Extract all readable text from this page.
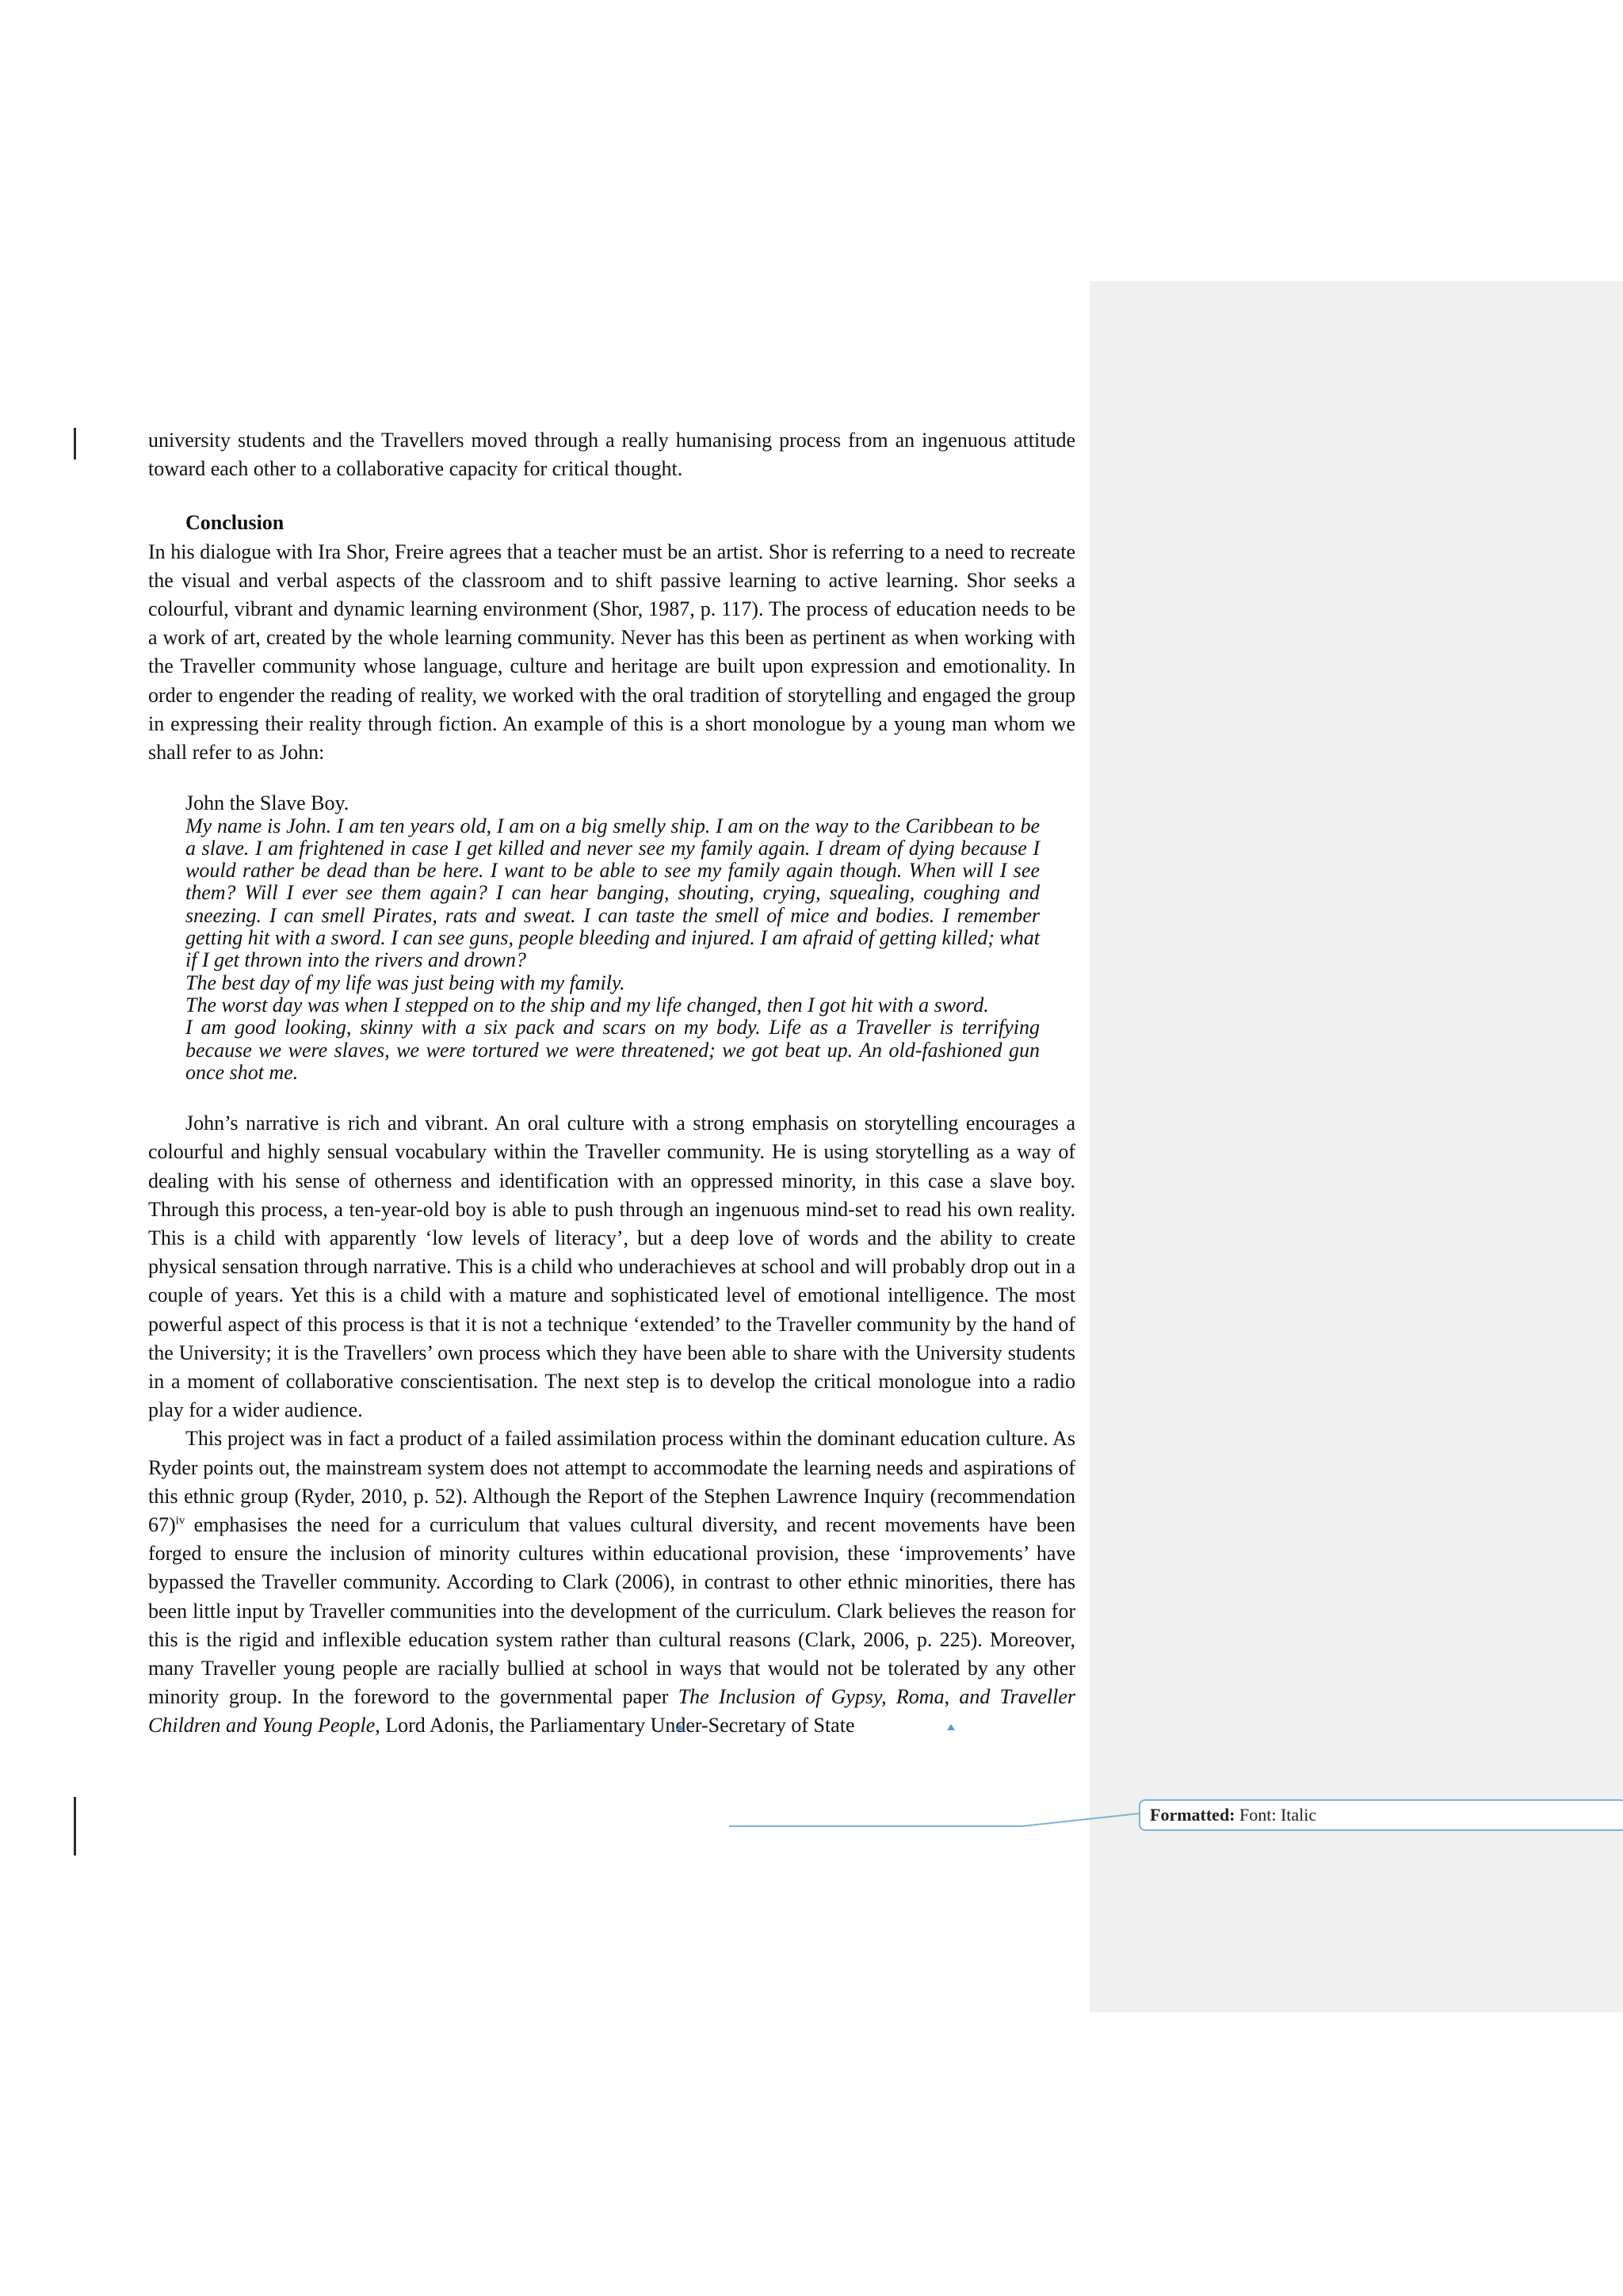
university students and the Travellers moved through a really humanising process from an ingenuous attitude toward each other to a collaborative capacity for critical thought.

Conclusion

In his dialogue with Ira Shor, Freire agrees that a teacher must be an artist. Shor is referring to a need to recreate the visual and verbal aspects of the classroom and to shift passive learning to active learning. Shor seeks a colourful, vibrant and dynamic learning environment (Shor, 1987, p. 117). The process of education needs to be a work of art, created by the whole learning community. Never has this been as pertinent as when working with the Traveller community whose language, culture and heritage are built upon expression and emotionality. In order to engender the reading of reality, we worked with the oral tradition of storytelling and engaged the group in expressing their reality through fiction. An example of this is a short monologue by a young man whom we shall refer to as John:

John the Slave Boy.

My name is John. I am ten years old, I am on a big smelly ship. I am on the way to the Caribbean to be a slave. I am frightened in case I get killed and never see my family again. I dream of dying because I would rather be dead than be here. I want to be able to see my family again though. When will I see them? Will I ever see them again? I can hear banging, shouting, crying, squealing, coughing and sneezing. I can smell Pirates, rats and sweat. I can taste the smell of mice and bodies. I remember getting hit with a sword. I can see guns, people bleeding and injured. I am afraid of getting killed; what if I get thrown into the rivers and drown?

The best day of my life was just being with my family.

The worst day was when I stepped on to the ship and my life changed, then I got hit with a sword.

I am good looking, skinny with a six pack and scars on my body. Life as a Traveller is terrifying because we were slaves, we were tortured we were threatened; we got beat up. An old-fashioned gun once shot me.

John’s narrative is rich and vibrant. An oral culture with a strong emphasis on storytelling encourages a colourful and highly sensual vocabulary within the Traveller community. He is using storytelling as a way of dealing with his sense of otherness and identification with an oppressed minority, in this case a slave boy. Through this process, a ten-year-old boy is able to push through an ingenuous mind-set to read his own reality. This is a child with apparently ‘low levels of literacy’, but a deep love of words and the ability to create physical sensation through narrative. This is a child who underachieves at school and will probably drop out in a couple of years. Yet this is a child with a mature and sophisticated level of emotional intelligence. The most powerful aspect of this process is that it is not a technique ‘extended’ to the Traveller community by the hand of the University; it is the Travellers’ own process which they have been able to share with the University students in a moment of collaborative conscientisation. The next step is to develop the critical monologue into a radio play for a wider audience.

This project was in fact a product of a failed assimilation process within the dominant education culture. As Ryder points out, the mainstream system does not attempt to accommodate the learning needs and aspirations of this ethnic group (Ryder, 2010, p. 52). Although the Report of the Stephen Lawrence Inquiry (recommendation 67)$^{iv}$ emphasises the need for a curriculum that values cultural diversity, and recent movements have been forged to ensure the inclusion of minority cultures within educational provision, these ‘improvements’ have bypassed the Traveller community. According to Clark (2006), in contrast to other ethnic minorities, there has been little input by Traveller communities into the development of the curriculum. Clark believes the reason for this is the rigid and inflexible education system rather than cultural reasons (Clark, 2006, p. 225). Moreover, many Traveller young people are racially bullied at school in ways that would not be tolerated by any other minority group. In the foreword to the governmental paper The Inclusion of Gypsy, Roma, and Traveller Children and Young People, Lord Adonis, the Parliamentary Under-Secretary of State

Formatted: Font: Italic
